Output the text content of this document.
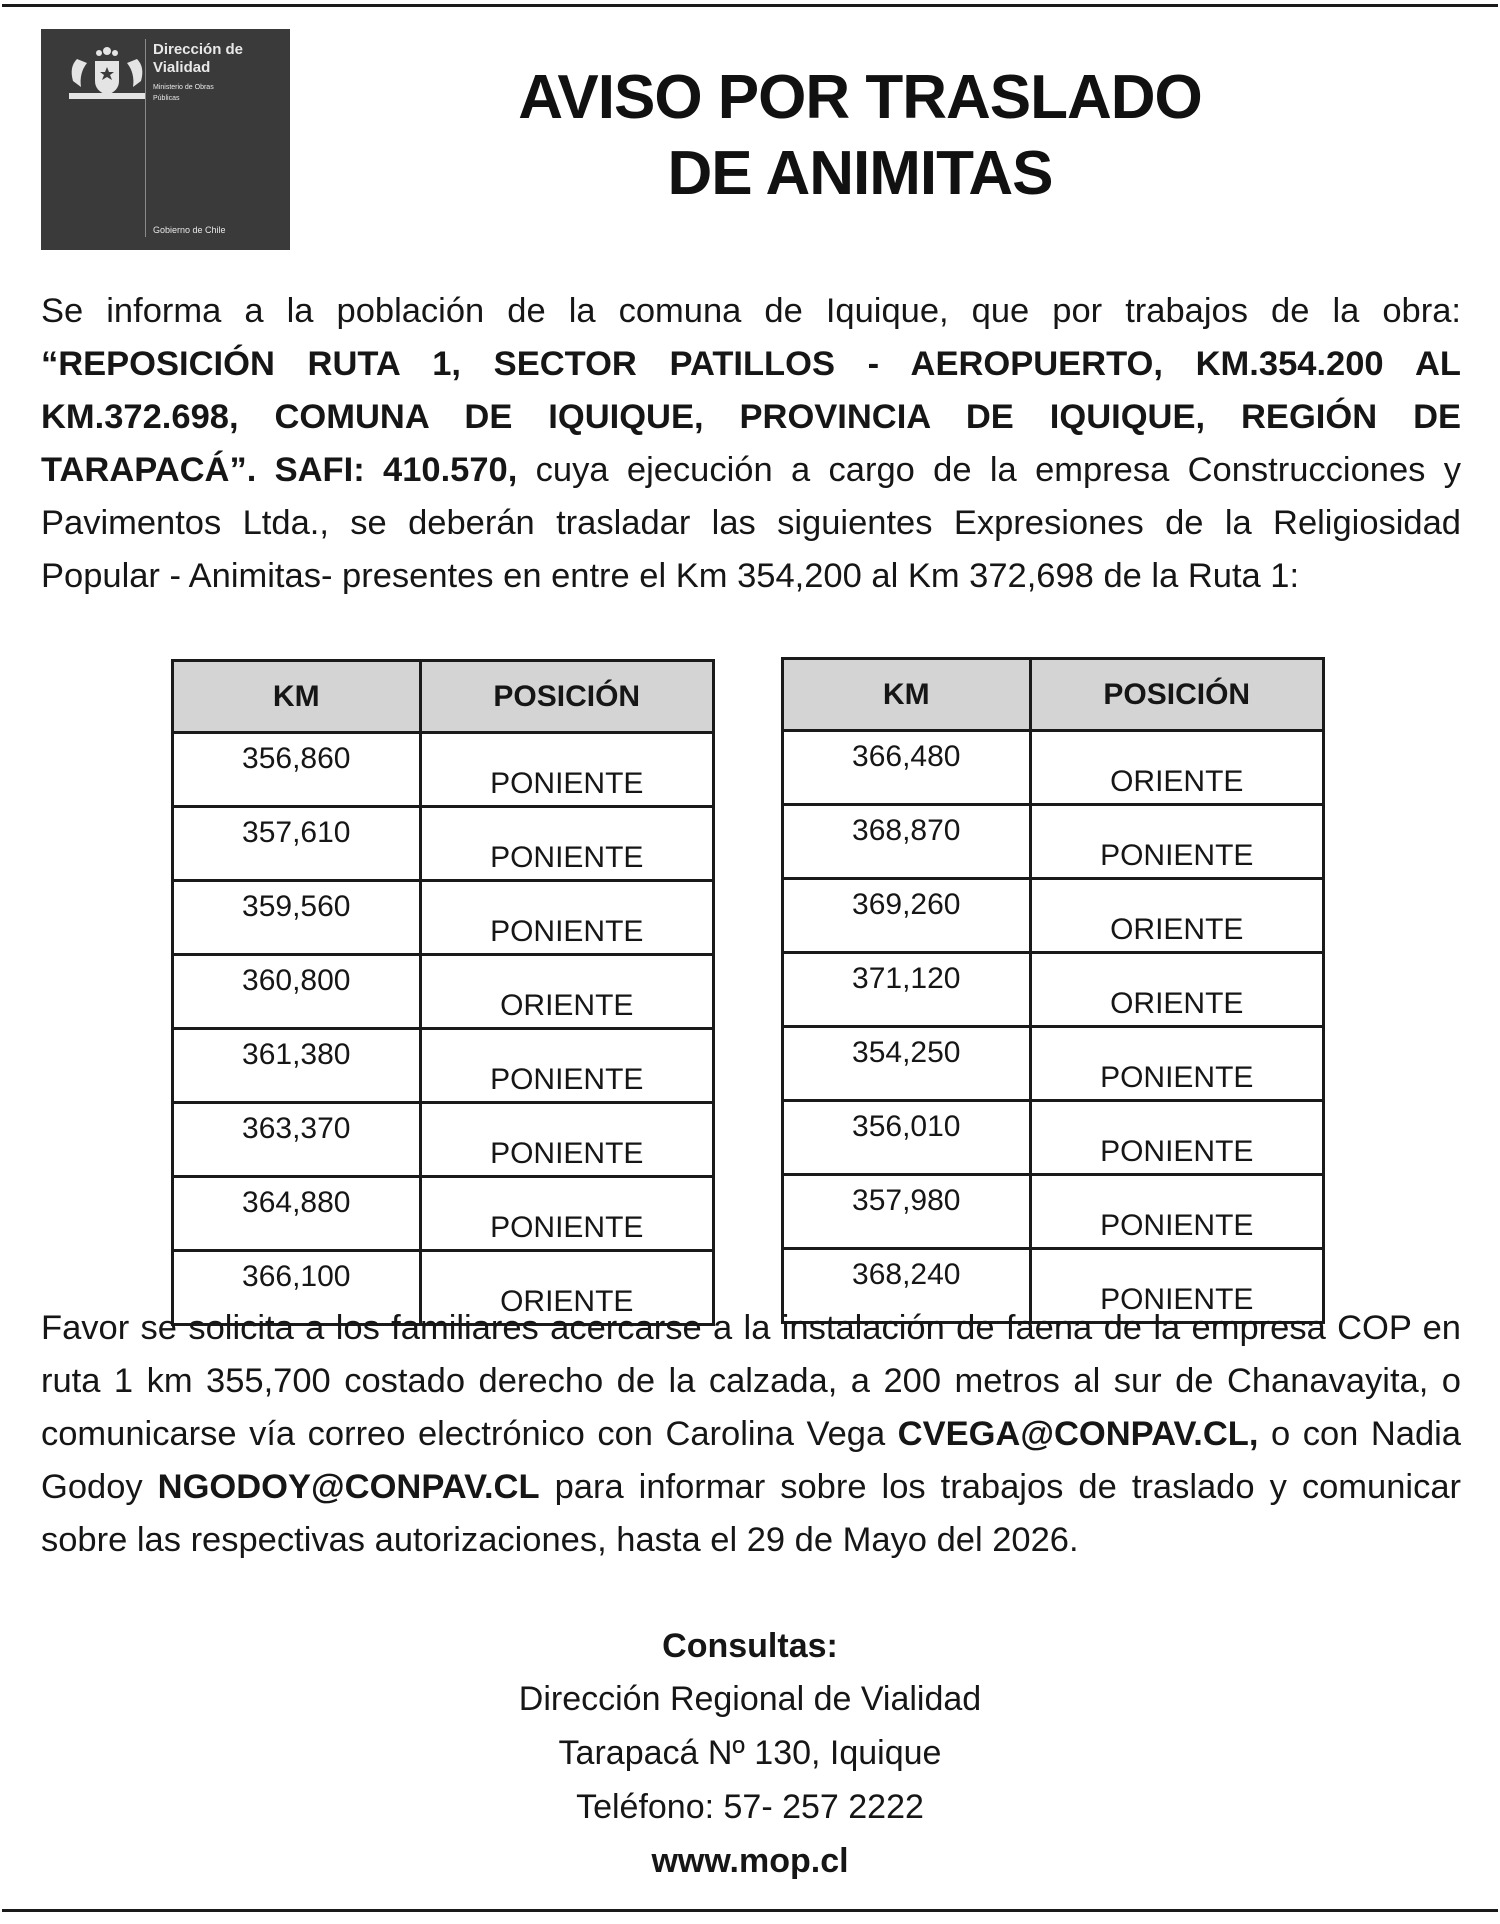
Dirección de
Vialidad
Ministerio de Obras
Públicas
Gobierno de Chile
AVISO POR TRASLADO
DE ANIMITAS
Se informa a la población de la comuna de Iquique, que por trabajos de la obra: “REPOSICIÓN RUTA 1, SECTOR PATILLOS - AEROPUERTO, KM.354.200 AL KM.372.698, COMUNA DE IQUIQUE, PROVINCIA DE IQUIQUE, REGIÓN DE TARAPACÁ”. SAFI: 410.570, cuya ejecución a cargo de la empresa Construcciones y Pavimentos Ltda., se deberán trasladar las siguientes Expresiones de la Religiosidad Popular - Animitas- presentes en entre el Km 354,200 al Km 372,698 de la Ruta 1:
KM	POSICIÓN
356,860	PONIENTE
357,610	PONIENTE
359,560	PONIENTE
360,800	ORIENTE
361,380	PONIENTE
363,370	PONIENTE
364,880	PONIENTE
366,100	ORIENTE
KM	POSICIÓN
366,480	ORIENTE
368,870	PONIENTE
369,260	ORIENTE
371,120	ORIENTE
354,250	PONIENTE
356,010	PONIENTE
357,980	PONIENTE
368,240	PONIENTE
Favor se solicita a los familiares acercarse a la instalación de faena de la empresa COP en ruta 1 km 355,700 costado derecho de la calzada, a 200 metros al sur de Chanavayita, o comunicarse vía correo electrónico con Carolina Vega CVEGA@CONPAV.CL, o con Nadia Godoy NGODOY@CONPAV.CL para informar sobre los trabajos de traslado y comunicar sobre las respectivas autorizaciones, hasta el 29 de Mayo del 2026.
Consultas:
Dirección Regional de Vialidad
Tarapacá Nº 130, Iquique
Teléfono: 57- 257 2222
www.mop.cl
